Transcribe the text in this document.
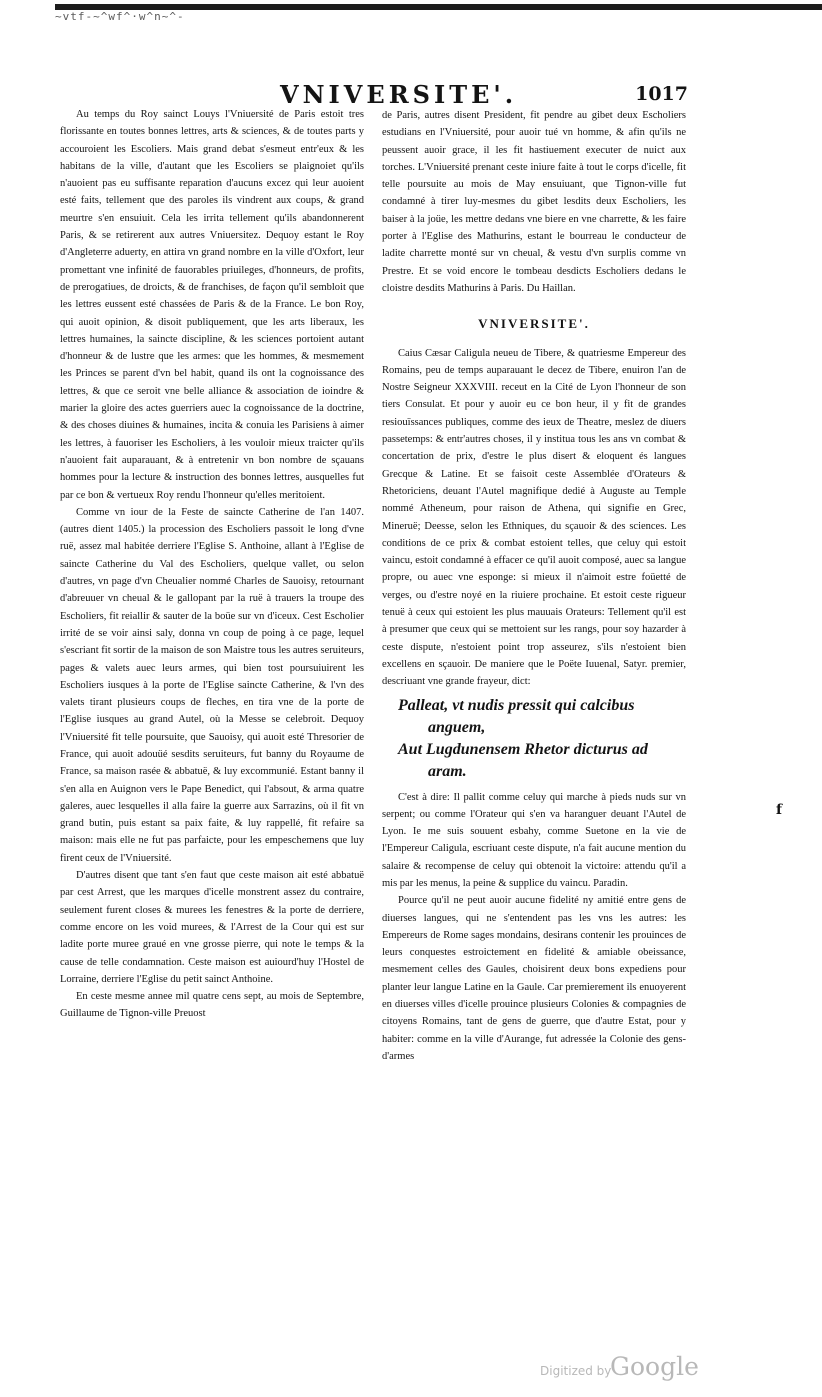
~vtf-~^wf^·w^n~^-
VNIVERSITE'.	1017

Au temps du Roy sainct Louys l'Vniuersité de Paris estoit tres florissante en toutes bonnes lettres, arts & sciences, & de toutes parts y accouroient les Escoliers. Mais grand debat s'esmeut entr'eux & les habitans de la ville, d'autant que les Escoliers se plaignoiet qu'ils n'auoient pas eu suffisante reparation d'aucuns excez qui leur auoient esté faits, tellement que des paroles ils vindrent aux coups, & grand meurtre s'en ensuiuit. Cela les irrita tellement qu'ils abandonnerent Paris, & se retirerent aux autres Vniuersitez. Dequoy estant le Roy d'Angleterre aduerty, en attira vn grand nombre en la ville d'Oxfort, leur promettant vne infinité de fauorables priuileges, d'honneurs, de profits, de prerogatiues, de droicts, & de franchises, de façon qu'il sembloit que les lettres eussent esté chassées de Paris & de la France. Le bon Roy, qui auoit opinion, & disoit publiquement, que les arts liberaux, les lettres humaines, la saincte discipline, & les sciences portoient autant d'honneur & de lustre que les armes: que les hommes, & mesmement les Princes se parent d'vn bel habit, quand ils ont la cognoissance des lettres, & que ce seroit vne belle alliance & association de ioindre & marier la gloire des actes guerriers auec la cognoissance de la doctrine, & des choses diuines & humaines, incita & conuia les Parisiens à aimer les lettres, à fauoriser les Escholiers, à les vouloir mieux traicter qu'ils n'auoient fait auparauant, & à entretenir vn bon nombre de sçauans hommes pour la lecture & instruction des bonnes lettres, ausquelles fut par ce bon & vertueux Roy rendu l'honneur qu'elles meritoient.

Comme vn iour de la Feste de saincte Catherine de l'an 1407. (autres dient 1405.) la procession des Escholiers passoit le long d'vne ruë, assez mal habitée derriere l'Eglise S. Anthoine, allant à l'Eglise de saincte Catherine du Val des Escholiers, quelque vallet, ou selon d'autres, vn page d'vn Cheualier nommé Charles de Sauoisy, retournant d'abreuuer vn cheual & le gallopant par la ruë à trauers la troupe des Escholiers, fit reiallir & sauter de la boüe sur vn d'iceux. Cest Escholier irrité de se voir ainsi saly, donna vn coup de poing à ce page, lequel s'escriant fit sortir de la maison de son Maistre tous les autres seruiteurs, pages & valets auec leurs armes, qui bien tost poursuiuirent les Escholiers iusques à la porte de l'Eglise saincte Catherine, & l'vn des valets tirant plusieurs coups de fleches, en tira vne de la porte de l'Eglise iusques au grand Autel, où la Messe se celebroit. Dequoy l'Vniuersité fit telle poursuite, que Sauoisy, qui auoit esté Thresorier de France, qui auoit adouüé sesdits seruiteurs, fut banny du Royaume de France, sa maison rasée & abbatuë, & luy excommunié. Estant banny il s'en alla en Auignon vers le Pape Benedict, qui l'absout, & arma quatre galeres, auec lesquelles il alla faire la guerre aux Sarrazins, où il fit vn grand butin, puis estant sa paix faite, & luy rappellé, fit refaire sa maison: mais elle ne fut pas parfaicte, pour les empeschemens que luy firent ceux de l'Vniuersité.

D'autres disent que tant s'en faut que ceste maison ait esté abbatuë par cest Arrest, que les marques d'icelle monstrent assez du contraire, seulement furent closes & murees les fenestres & la porte de derriere, comme encore on les void murees, & l'Arrest de la Cour qui est sur ladite porte muree graué en vne grosse pierre, qui note le temps & la cause de telle condamnation. Ceste maison est auiourd'huy l'Hostel de Lorraine, derriere l'Eglise du petit sainct Anthoine.

En ceste mesme annee mil quatre cens sept, au mois de Septembre, Guillaume de Tignon-ville Preuost

de Paris, autres disent President, fit pendre au gibet deux Escholiers estudians en l'Vniuersité, pour auoir tué vn homme, & afin qu'ils ne peussent auoir grace, il les fit hastiuement executer de nuict aux torches. L'Vniuersité prenant ceste iniure faite à tout le corps d'icelle, fit telle poursuite au mois de May ensuiuant, que Tignon-ville fut condamné à tirer luy-mesmes du gibet lesdits deux Escholiers, les baiser à la joüe, les mettre dedans vne biere en vne charrette, & les faire porter à l'Eglise des Mathurins, estant le bourreau le conducteur de ladite charrette monté sur vn cheual, & vestu d'vn surplis comme vn Prestre. Et se void encore le tombeau desdicts Escholiers dedans le cloistre desdits Mathurins à Paris. Du Haillan.

VNIVERSITE'.

Caius Cæsar Caligula neueu de Tibere, & quatriesme Empereur des Romains, peu de temps auparauant le decez de Tibere, enuiron l'an de Nostre Seigneur XXXVIII. receut en la Cité de Lyon l'honneur de son tiers Consulat. Et pour y auoir eu ce bon heur, il y fit de grandes resiouïssances publiques, comme des ieux de Theatre, meslez de diuers passetemps: & entr'autres choses, il y institua tous les ans vn combat & concertation de prix, d'estre le plus disert & eloquent és langues Grecque & Latine. Et se faisoit ceste Assemblée d'Orateurs & Rhetoriciens, deuant l'Autel magnifique dedié à Auguste au Temple nommé Atheneum, pour raison de Athena, qui signifie en Grec, Mineruë; Deesse, selon les Ethniques, du sçauoir & des sciences. Les conditions de ce prix & combat estoient telles, que celuy qui estoit vaincu, estoit condamné à effacer ce qu'il auoit composé, auec sa langue propre, ou auec vne esponge: si mieux il n'aimoit estre foüetté de verges, ou d'estre noyé en la riuiere prochaine. Et estoit ceste rigueur tenuë à ceux qui estoient les plus mauuais Orateurs: Tellement qu'il est à presumer que ceux qui se mettoient sur les rangs, pour soy hazarder à ceste dispute, n'estoient point trop asseurez, s'ils n'estoient bien excellens en sçauoir. De maniere que le Poëte Iuuenal, Satyr. premier, descriuant vne grande frayeur, dict:

Palleat, vt nudis pressit qui calcibus
anguem,
Aut Lugdunensem Rhetor dicturus ad
aram.

C'est à dire: Il pallit comme celuy qui marche à pieds nuds sur vn serpent; ou comme l'Orateur qui s'en va haranguer deuant l'Autel de Lyon. Ie me suis souuent esbahy, comme Suetone en la vie de l'Empereur Caligula, escriuant ceste dispute, n'a fait aucune mention du salaire & recompense de celuy qui obtenoit la victoire: attendu qu'il a mis par les menus, la peine & supplice du vaincu. Paradin.

Pource qu'il ne peut auoir aucune fidelité ny amitié entre gens de diuerses langues, qui ne s'entendent pas les vns les autres: les Empereurs de Rome sages mondains, desirans contenir les prouinces de leurs conquestes estroictement en fidelité & amiable obeissance, mesmement celles des Gaules, choisirent deux bons expediens pour planter leur langue Latine en la Gaule. Car premierement ils enuoyerent en diuerses villes d'icelle prouince plusieurs Colonies & compagnies de citoyens Romains, tant de gens de guerre, que d'autre Estat, pour y habiter: comme en la ville d'Aurange, fut adressée la Colonie des gens-d'armes

f
Digitized by
Google
